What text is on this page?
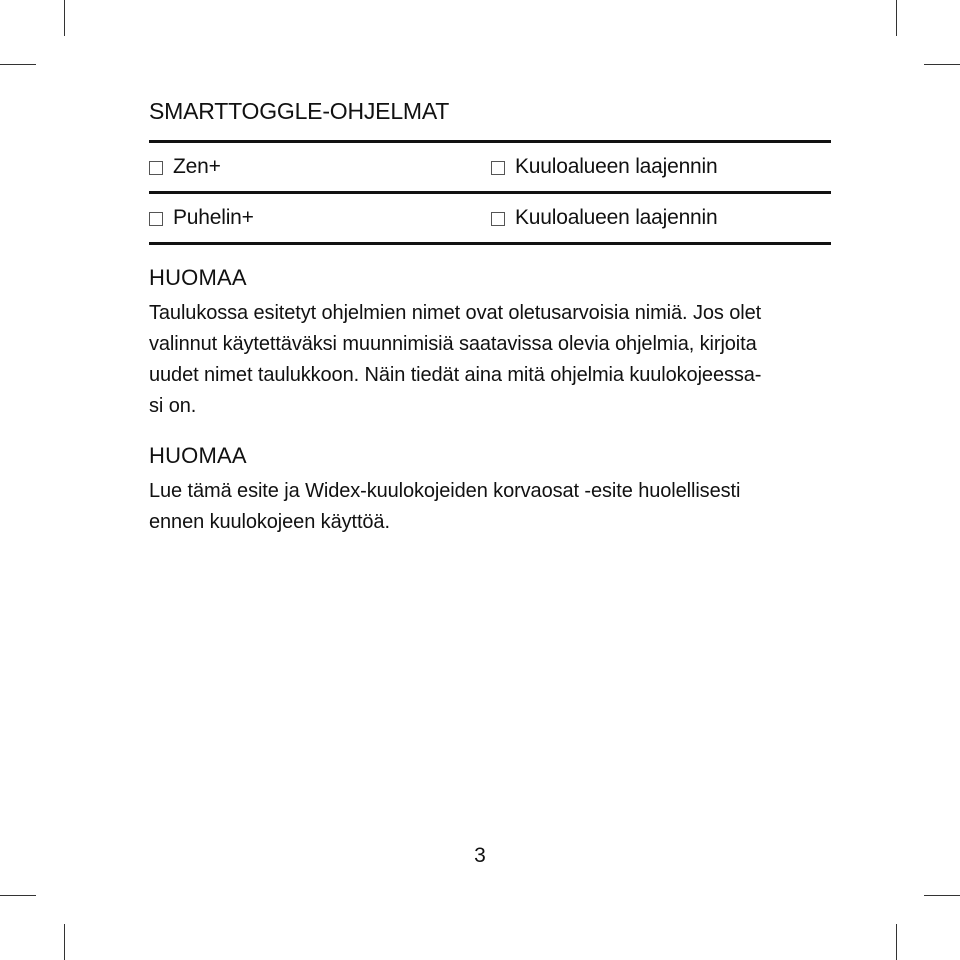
SMARTTOGGLE-OHJELMAT
Zen+	Kuuloalueen laajennin
Puhelin+	Kuuloalueen laajennin
HUOMAA

Taulukossa esitetyt ohjelmien nimet ovat oletusarvoisia nimiä. Jos olet
valinnut käytettäväksi muunnimisiä saatavissa olevia ohjelmia, kirjoita
uudet nimet taulukkoon. Näin tiedät aina mitä ohjelmia kuulokojeessa-
si on.

HUOMAA

Lue tämä esite ja Widex-kuulokojeiden korvaosat -esite huolellisesti
ennen kuulokojeen käyttöä.

3
